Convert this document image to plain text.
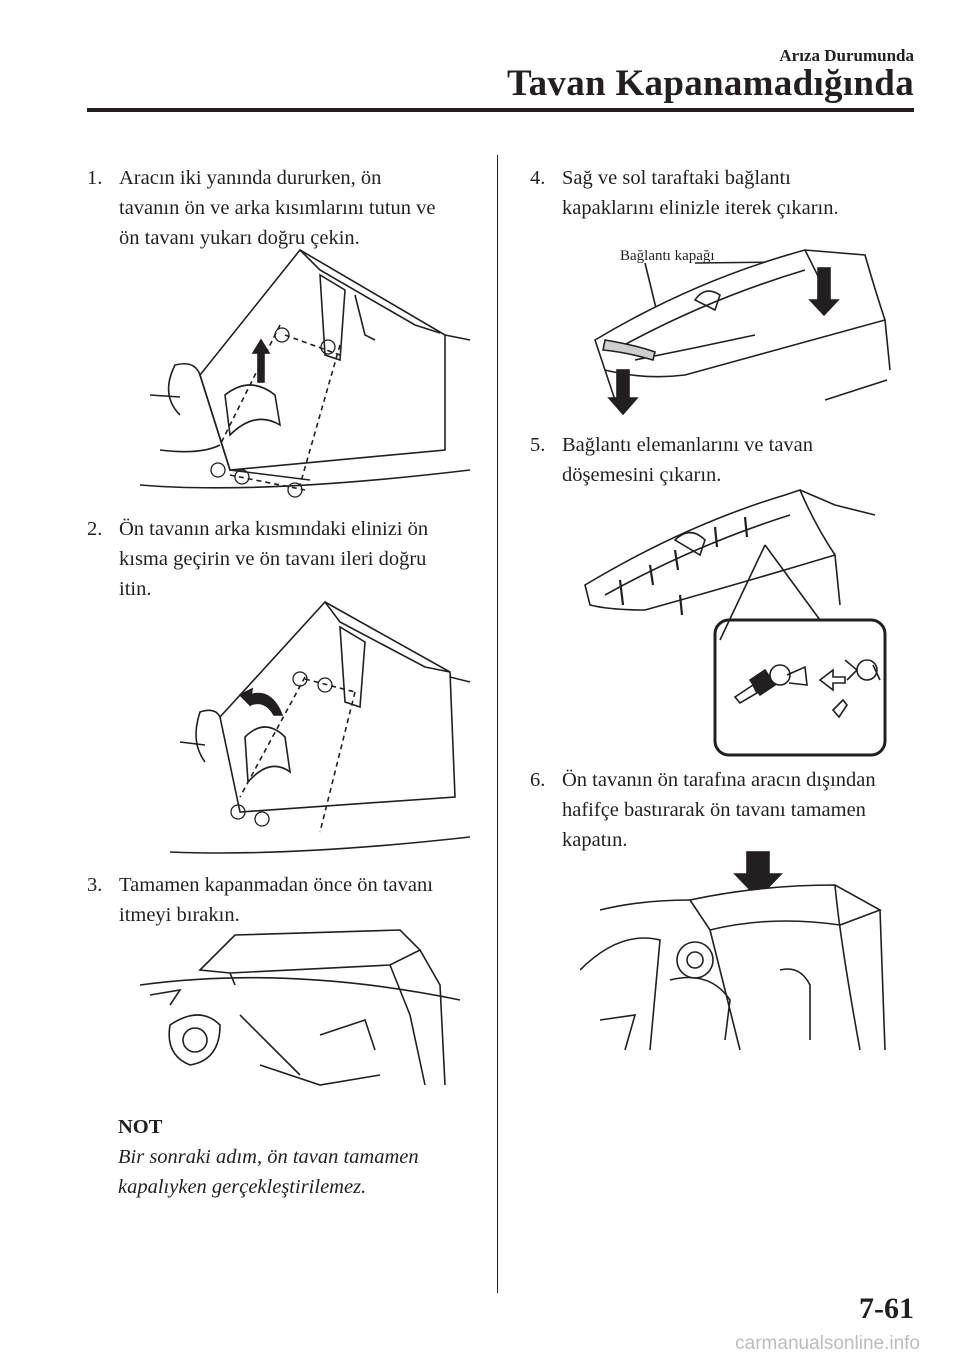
Arıza Durumunda
Tavan Kapanamadığında
1. Aracın iki yanında dururken, ön
tavanın ön ve arka kısımlarını tutun ve
ön tavanı yukarı doğru çekin.
2. Ön tavanın arka kısmındaki elinizi ön
kısma geçirin ve ön tavanı ileri doğru
itin.
3. Tamamen kapanmadan önce ön tavanı
itmeyi bırakın.
NOT
Bir sonraki adım, ön tavan tamamen
kapalıyken gerçekleştirilemez.
4. Sağ ve sol taraftaki bağlantı
kapaklarını elinizle iterek çıkarın.
Bağlantı kapağı
5. Bağlantı elemanlarını ve tavan
döşemesini çıkarın.
6. Ön tavanın ön tarafına aracın dışından
hafifçe bastırarak ön tavanı tamamen
kapatın.
7-61
carmanualsonline.info
